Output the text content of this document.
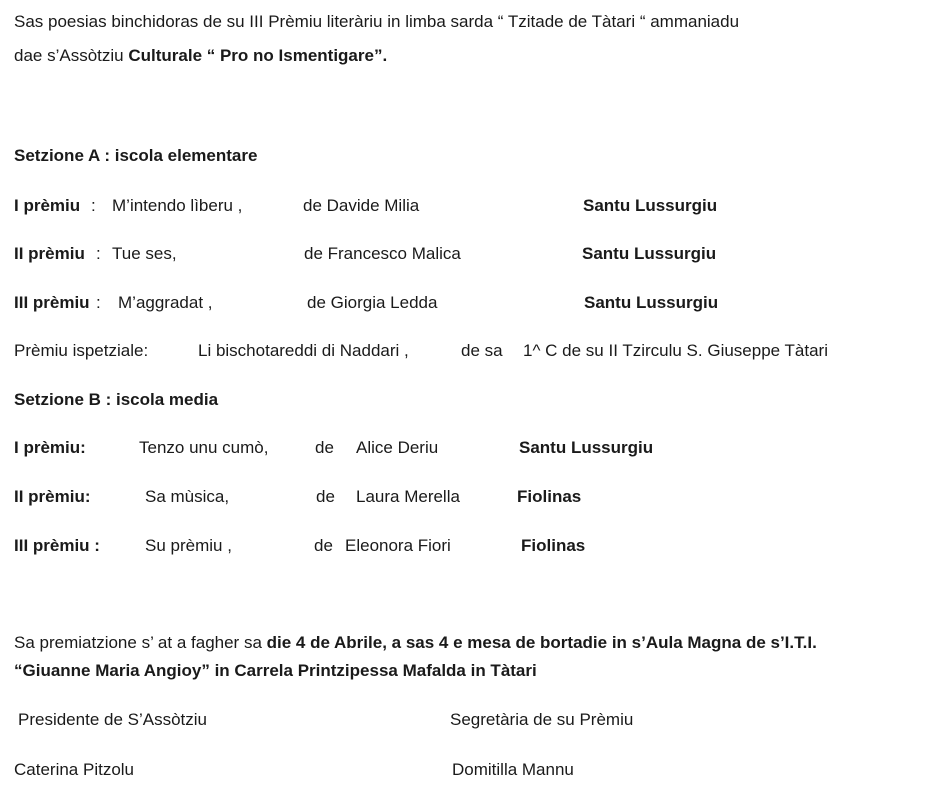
Sas poesias binchidoras de su III Prèmiu literàriu in limba sarda “ Tzitade de Tàtari “ ammaniadu
dae s’Assòtziu Culturale “ Pro no Ismentigare”.
Setzione A : iscola elementare
I prèmiu : M’intendo lìberu ,	de Davide Milia	Santu Lussurgiu
II prèmiu : Tue ses,	de Francesco Malica	Santu Lussurgiu
III prèmiu : M’aggradat ,	de Giorgia Ledda	Santu Lussurgiu
Prèmiu ispetziale:	Li bischotareddi di Naddari ,	de sa 1^ C de su II Tzirculu S. Giuseppe Tàtari
Setzione B : iscola media
I prèmiu:	Tenzo unu cumò,	de Alice Deriu	Santu Lussurgiu
II prèmiu:	Sa mùsica,	de Laura Merella	Fiolinas
III prèmiu :	Su prèmiu ,	de Eleonora Fiori	Fiolinas
Sa premiatzione s’ at a fagher sa die 4 de Abrile, a sas 4 e mesa de bortadie in s’Aula Magna de s’I.T.I.
“Giuanne Maria Angioy” in Carrela Printzipessa Mafalda in Tàtari
Presidente de S’Assòtziu	Segretària de su Prèmiu
Caterina Pitzolu	Domitilla Mannu
